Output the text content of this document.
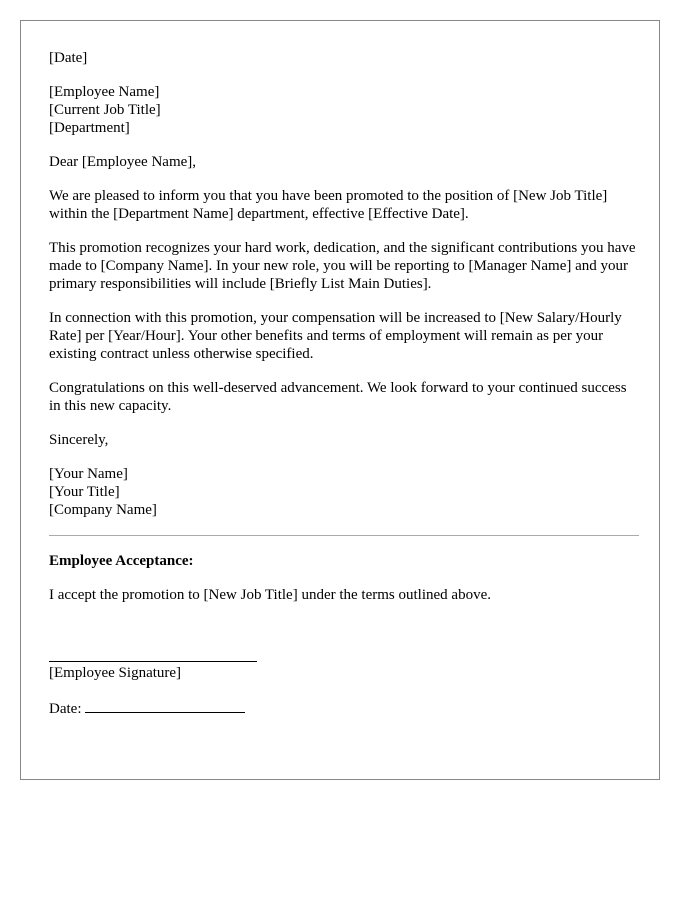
[Date]
[Employee Name]
[Current Job Title]
[Department]

Dear [Employee Name],

We are pleased to inform you that you have been promoted to the position of [New Job Title] within the [Department Name] department, effective [Effective Date].

This promotion recognizes your hard work, dedication, and the significant contributions you have made to [Company Name]. In your new role, you will be reporting to [Manager Name] and your primary responsibilities will include [Briefly List Main Duties].

In connection with this promotion, your compensation will be increased to [New Salary/Hourly Rate] per [Year/Hour]. Your other benefits and terms of employment will remain as per your existing contract unless otherwise specified.

Congratulations on this well-deserved advancement. We look forward to your continued success in this new capacity.

Sincerely,

[Your Name]
[Your Title]
[Company Name]
Employee Acceptance:

I accept the promotion to [New Job Title] under the terms outlined above.

[Employee Signature]
Date:
